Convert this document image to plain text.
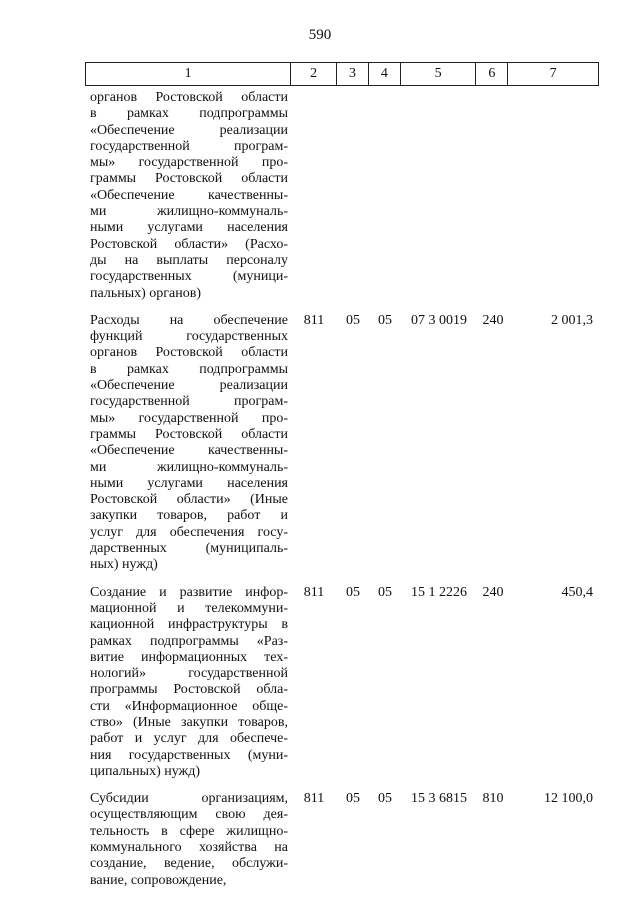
590
1	2	3	4	5	6	7
органов Ростовской области
в рамках подпрограммы
«Обеспечение реализации
государственной програм-
мы» государственной про-
граммы Ростовской области
«Обеспечение качественны-
ми жилищно-коммуналь-
ными услугами населения
Ростовской области» (Расхо-
ды на выплаты персоналу
государственных (муници-
пальных) органов)
Расходы на обеспечение
функций государственных
органов Ростовской области
в рамках подпрограммы
«Обеспечение реализации
государственной програм-
мы» государственной про-
граммы Ростовской области
«Обеспечение качественны-
ми жилищно-коммуналь-
ными услугами населения
Ростовской области» (Иные
закупки товаров, работ и
услуг для обеспечения госу-
дарственных (муниципаль-
ных) нужд)
811	05	05	07 3 0019	240	2 001,3
Создание и развитие инфор-
мационной и телекоммуни-
кационной инфраструктуры в
рамках подпрограммы «Раз-
витие информационных тех-
нологий» государственной
программы Ростовской обла-
сти «Информационное обще-
ство» (Иные закупки товаров,
работ и услуг для обеспече-
ния государственных (муни-
ципальных) нужд)
811	05	05	15 1 2226	240	450,4
Субсидии организациям,
осуществляющим свою дея-
тельность в сфере жилищно-
коммунального хозяйства на
создание, ведение, обслужи-
вание, сопровождение,
811	05	05	15 3 6815	810	12 100,0
